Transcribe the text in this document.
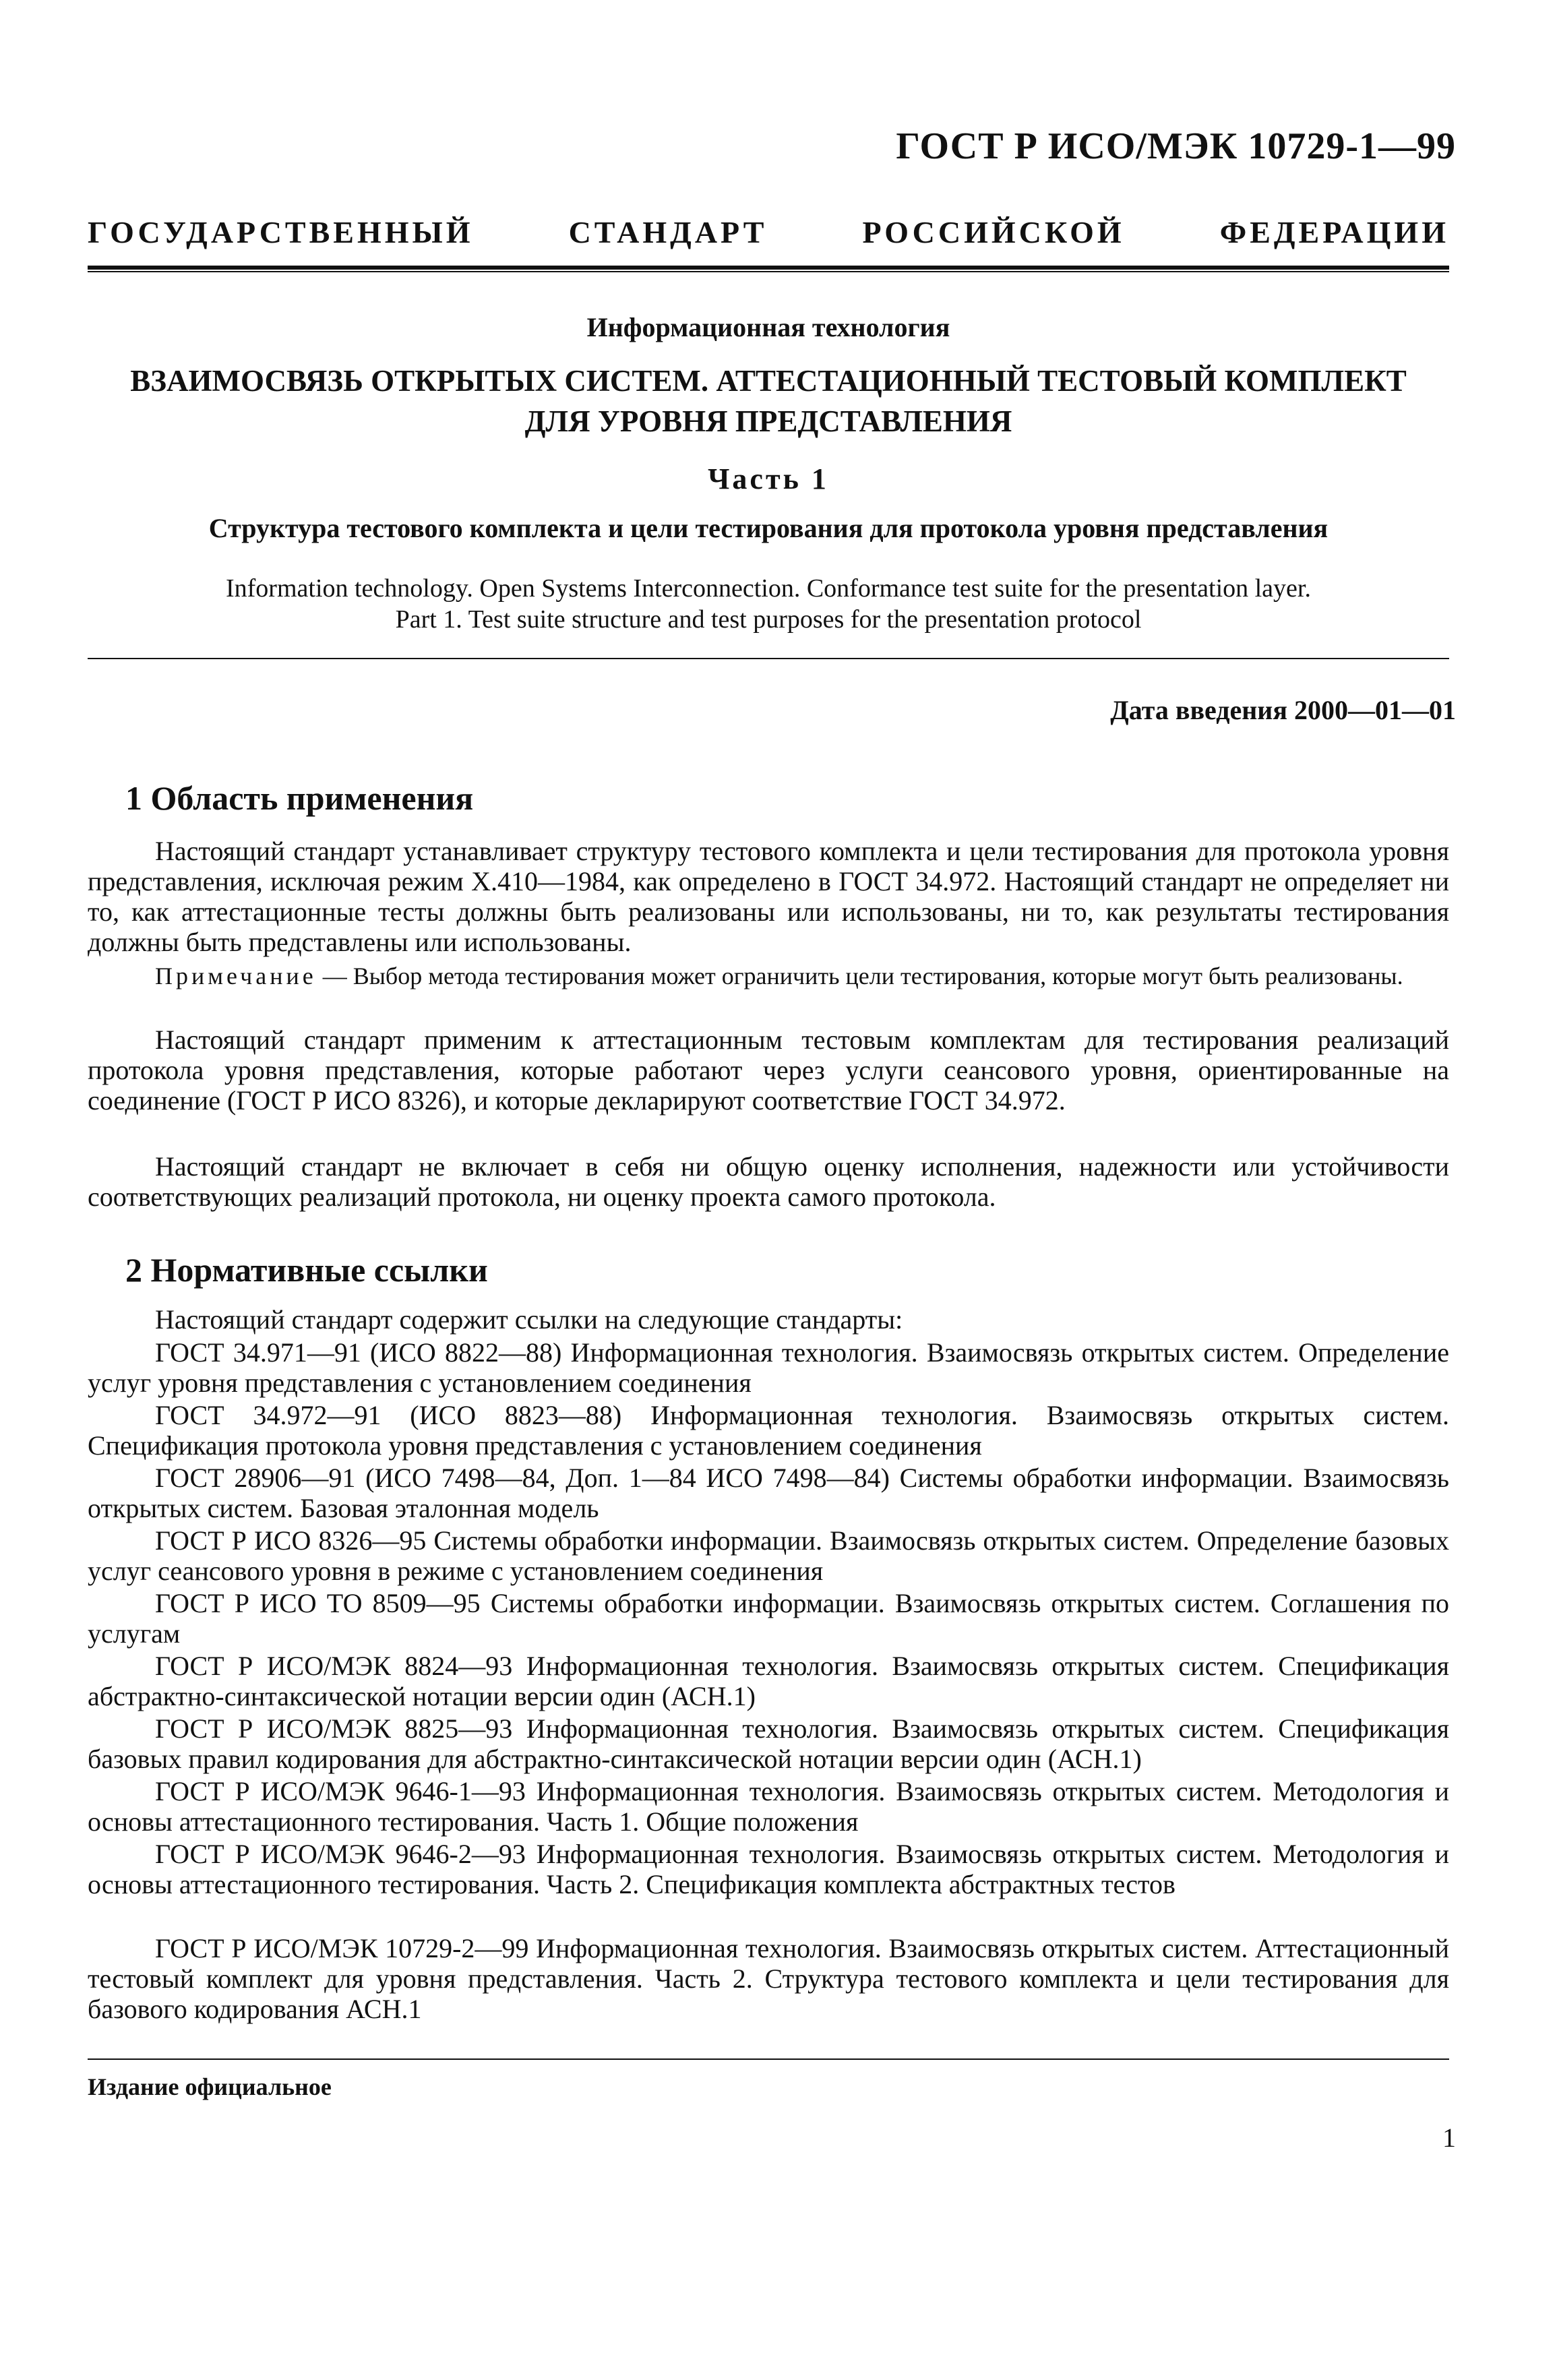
ГОСТ Р ИСО/МЭК 10729-1—99
ГОСУДАРСТВЕННЫЙ СТАНДАРТ РОССИЙСКОЙ ФЕДЕРАЦИИ
Информационная технология
ВЗАИМОСВЯЗЬ ОТКРЫТЫХ СИСТЕМ. АТТЕСТАЦИОННЫЙ ТЕСТОВЫЙ КОМПЛЕКТ
ДЛЯ УРОВНЯ ПРЕДСТАВЛЕНИЯ
Часть 1
Структура тестового комплекта и цели тестирования для протокола уровня представления
Information technology. Open Systems Interconnection. Conformance test suite for the presentation layer.
Part 1. Test suite structure and test purposes for the presentation protocol
Дата введения 2000—01—01
1 Область применения

Настоящий стандарт устанавливает структуру тестового комплекта и цели тестирования для протокола уровня представления, исключая режим X.410—1984, как определено в ГОСТ 34.972. Настоящий стандарт не определяет ни то, как аттестационные тесты должны быть реализованы или использованы, ни то, как результаты тестирования должны быть представлены или использованы.

Примечание — Выбор метода тестирования может ограничить цели тестирования, которые могут быть реализованы.

Настоящий стандарт применим к аттестационным тестовым комплектам для тестирования реализаций протокола уровня представления, которые работают через услуги сеансового уровня, ориентированные на соединение (ГОСТ Р ИСО 8326), и которые декларируют соответствие ГОСТ 34.972.

Настоящий стандарт не включает в себя ни общую оценку исполнения, надежности или устойчивости соответствующих реализаций протокола, ни оценку проекта самого протокола.

2 Нормативные ссылки

Настоящий стандарт содержит ссылки на следующие стандарты:

ГОСТ 34.971—91 (ИСО 8822—88) Информационная технология. Взаимосвязь открытых систем. Определение услуг уровня представления с установлением соединения

ГОСТ 34.972—91 (ИСО 8823—88) Информационная технология. Взаимосвязь открытых систем. Спецификация протокола уровня представления с установлением соединения

ГОСТ 28906—91 (ИСО 7498—84, Доп. 1—84 ИСО 7498—84) Системы обработки информации. Взаимосвязь открытых систем. Базовая эталонная модель

ГОСТ Р ИСО 8326—95 Системы обработки информации. Взаимосвязь открытых систем. Определение базовых услуг сеансового уровня в режиме с установлением соединения

ГОСТ Р ИСО ТО 8509—95 Системы обработки информации. Взаимосвязь открытых систем. Соглашения по услугам

ГОСТ Р ИСО/МЭК 8824—93 Информационная технология. Взаимосвязь открытых систем. Спецификация абстрактно-синтаксической нотации версии один (АСН.1)

ГОСТ Р ИСО/МЭК 8825—93 Информационная технология. Взаимосвязь открытых систем. Спецификация базовых правил кодирования для абстрактно-синтаксической нотации версии один (АСН.1)

ГОСТ Р ИСО/МЭК 9646-1—93 Информационная технология. Взаимосвязь открытых систем. Методология и основы аттестационного тестирования. Часть 1. Общие положения

ГОСТ Р ИСО/МЭК 9646-2—93 Информационная технология. Взаимосвязь открытых систем. Методология и основы аттестационного тестирования. Часть 2. Спецификация комплекта абстрактных тестов

ГОСТ Р ИСО/МЭК 10729-2—99 Информационная технология. Взаимосвязь открытых систем. Аттестационный тестовый комплект для уровня представления. Часть 2. Структура тестового комплекта и цели тестирования для базового кодирования АСН.1

Издание официальное
1
